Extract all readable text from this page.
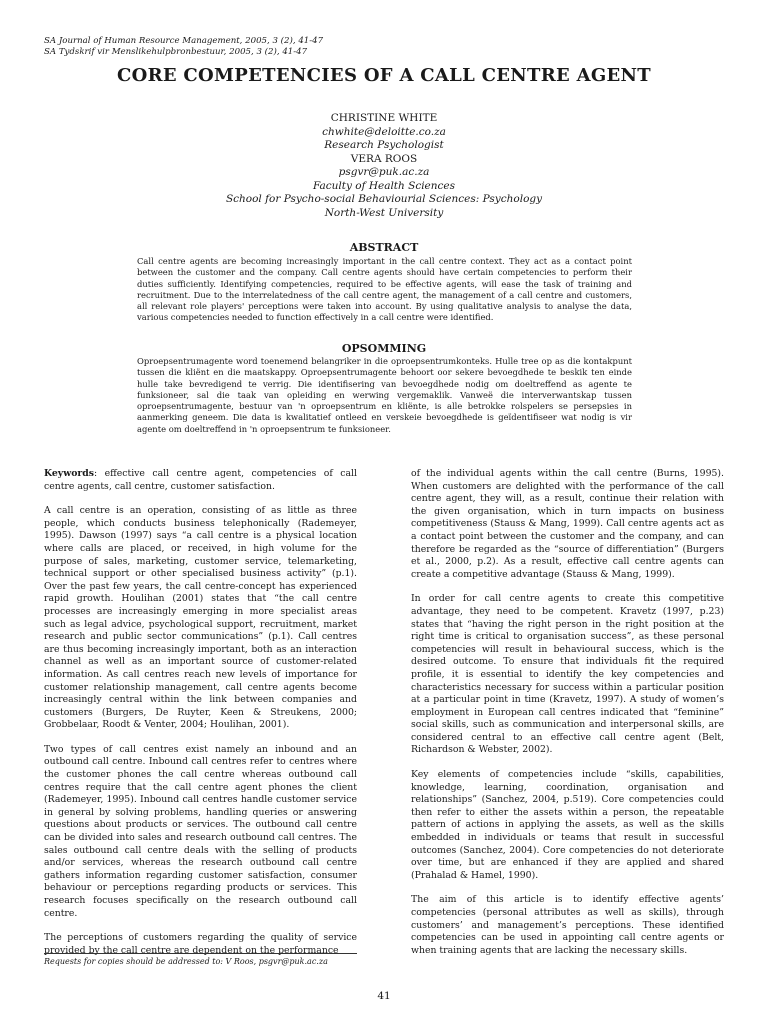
SA Journal of Human Resource Management, 2005, 3 (2), 41-47
SA Tydskrif vir Menslikehulpbronbestuur, 2005, 3 (2), 41-47
CORE COMPETENCIES OF A CALL CENTRE AGENT
CHRISTINE WHITE
chwhite@deloitte.co.za
Research Psychologist
VERA ROOS
psgvr@puk.ac.za
Faculty of Health Sciences
School for Psycho-social Behaviourial Sciences: Psychology
North-West University
ABSTRACT
Call centre agents are becoming increasingly important in the call centre context. They act as a contact point between the customer and the company. Call centre agents should have certain competencies to perform their duties sufficiently. Identifying competencies, required to be effective agents, will ease the task of training and recruitment. Due to the interrelatedness of the call centre agent, the management of a call centre and customers, all relevant role players' perceptions were taken into account. By using qualitative analysis to analyse the data, various competencies needed to function effectively in a call centre were identified.
OPSOMMING
Oproepsentrumagente word toenemend belangriker in die oproepsentrumkonteks. Hulle tree op as die kontakpunt tussen die kliënt en die maatskappy. Oproepsentrumagente behoort oor sekere bevoegdhede te beskik ten einde hulle take bevredigend te verrig. Die identifisering van bevoegdhede nodig om doeltreffend as agente te funksioneer, sal die taak van opleiding en werwing vergemaklik. Vanweë die interverwantskap tussen oproepsentrumagente, bestuur van 'n oproepsentrum en kliënte, is alle betrokke rolspelers se persepsies in aanmerking geneem. Die data is kwalitatief ontleed en verskeie bevoegdhede is geïdentifiseer wat nodig is vir agente om doeltreffend in 'n oproepsentrum te funksioneer.

Keywords: effective call centre agent, competencies of call centre agents, call centre, customer satisfaction.

A call centre is an operation, consisting of as little as three people, which conducts business telephonically (Rademeyer, 1995). Dawson (1997) says “a call centre is a physical location where calls are placed, or received, in high volume for the purpose of sales, marketing, customer service, telemarketing, technical support or other specialised business activity” (p.1). Over the past few years, the call centre-concept has experienced rapid growth. Houlihan (2001) states that “the call centre processes are increasingly emerging in more specialist areas such as legal advice, psychological support, recruitment, market research and public sector communications” (p.1). Call centres are thus becoming increasingly important, both as an interaction channel as well as an important source of customer-related information. As call centres reach new levels of importance for customer relationship management, call centre agents become increasingly central within the link between companies and customers (Burgers, De Ruyter, Keen & Streukens, 2000; Grobbelaar, Roodt & Venter, 2004; Houlihan, 2001).

Two types of call centres exist namely an inbound and an outbound call centre. Inbound call centres refer to centres where the customer phones the call centre whereas outbound call centres require that the call centre agent phones the client (Rademeyer, 1995). Inbound call centres handle customer service in general by solving problems, handling queries or answering questions about products or services. The outbound call centre can be divided into sales and research outbound call centres. The sales outbound call centre deals with the selling of products and/or services, whereas the research outbound call centre gathers information regarding customer satisfaction, consumer behaviour or perceptions regarding products or services. This research focuses specifically on the research outbound call centre.

The perceptions of customers regarding the quality of service provided by the call centre are dependent on the performance

of the individual agents within the call centre (Burns, 1995). When customers are delighted with the performance of the call centre agent, they will, as a result, continue their relation with the given organisation, which in turn impacts on business competitiveness (Stauss & Mang, 1999). Call centre agents act as a contact point between the customer and the company, and can therefore be regarded as the “source of differentiation” (Burgers et al., 2000, p.2). As a result, effective call centre agents can create a competitive advantage (Stauss & Mang, 1999).

In order for call centre agents to create this competitive advantage, they need to be competent. Kravetz (1997, p.23) states that “having the right person in the right position at the right time is critical to organisation success”, as these personal competencies will result in behavioural success, which is the desired outcome. To ensure that individuals fit the required profile, it is essential to identify the key competencies and characteristics necessary for success within a particular position at a particular point in time (Kravetz, 1997). A study of women’s employment in European call centres indicated that “feminine” social skills, such as communication and interpersonal skills, are considered central to an effective call centre agent (Belt, Richardson & Webster, 2002).

Key elements of competencies include “skills, capabilities, knowledge, learning, coordination, organisation and relationships” (Sanchez, 2004, p.519). Core competencies could then refer to either the assets within a person, the repeatable pattern of actions in applying the assets, as well as the skills embedded in individuals or teams that result in successful outcomes (Sanchez, 2004). Core competencies do not deteriorate over time, but are enhanced if they are applied and shared (Prahalad & Hamel, 1990).

The aim of this article is to identify effective agents’ competencies (personal attributes as well as skills), through customers’ and management’s perceptions. These identified competencies can be used in appointing call centre agents or when training agents that are lacking the necessary skills.

Requests for copies should be addressed to: V Roos, psgvr@puk.ac.za
41
